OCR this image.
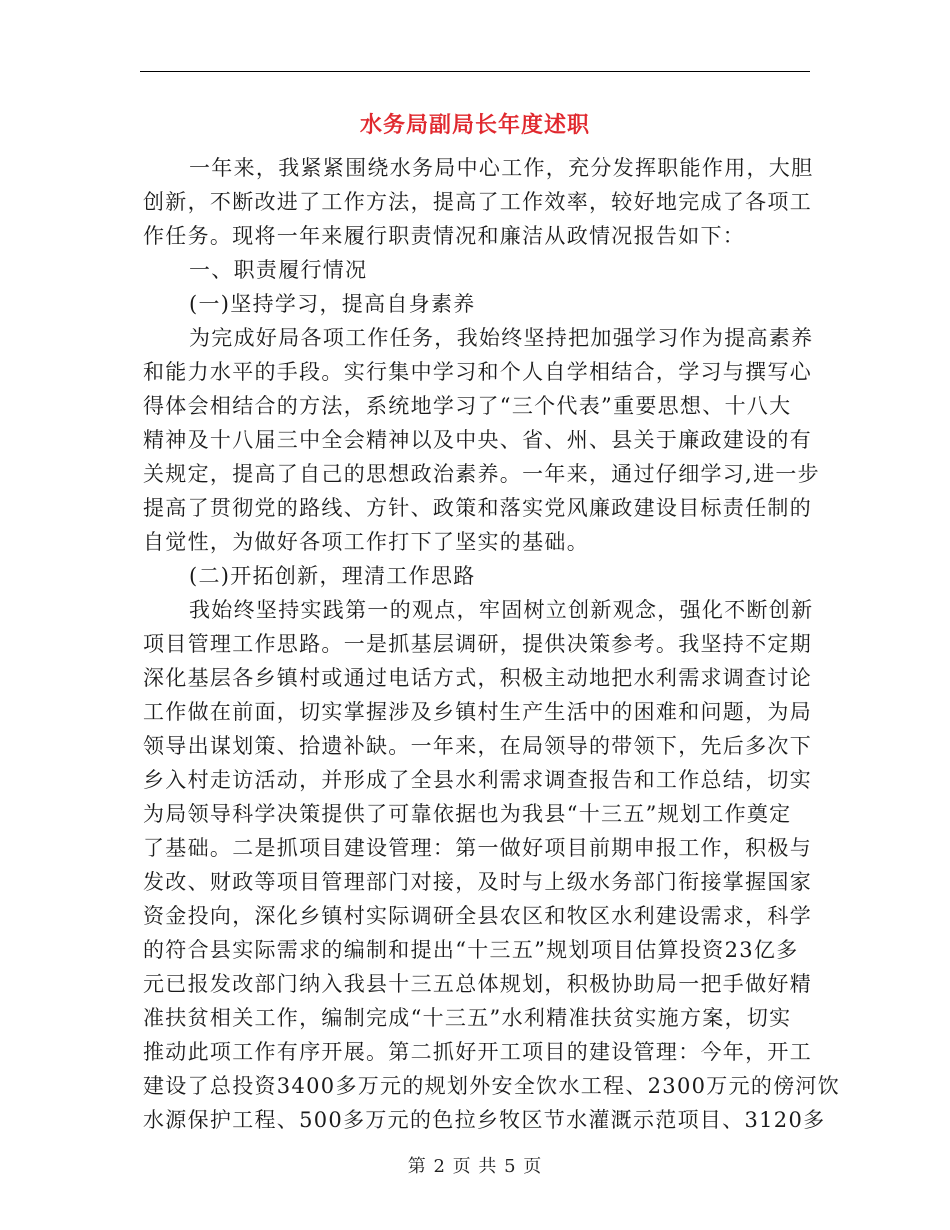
水务局副局长年度述职
一年来，我紧紧围绕水务局中心工作，充分发挥职能作用，大胆
创新，不断改进了工作方法，提高了工作效率，较好地完成了各项工
作任务。现将一年来履行职责情况和廉洁从政情况报告如下：
一、职责履行情况
(一)坚持学习，提高自身素养
为完成好局各项工作任务，我始终坚持把加强学习作为提高素养
和能力水平的手段。实行集中学习和个人自学相结合，学习与撰写心
得体会相结合的方法，系统地学习了“三个代表”重要思想、十八大
精神及十八届三中全会精神以及中央、省、州、县关于廉政建设的有
关规定，提高了自己的思想政治素养。一年来，通过仔细学习,进一步
提高了贯彻党的路线、方针、政策和落实党风廉政建设目标责任制的
自觉性，为做好各项工作打下了坚实的基础。
(二)开拓创新，理清工作思路
我始终坚持实践第一的观点，牢固树立创新观念，强化不断创新
项目管理工作思路。一是抓基层调研，提供决策参考。我坚持不定期
深化基层各乡镇村或通过电话方式，积极主动地把水利需求调查讨论
工作做在前面，切实掌握涉及乡镇村生产生活中的困难和问题，为局
领导出谋划策、拾遗补缺。一年来，在局领导的带领下，先后多次下
乡入村走访活动，并形成了全县水利需求调查报告和工作总结，切实
为局领导科学决策提供了可靠依据也为我县“十三五”规划工作奠定
了基础。二是抓项目建设管理：第一做好项目前期申报工作，积极与
发改、财政等项目管理部门对接，及时与上级水务部门衔接掌握国家
资金投向，深化乡镇村实际调研全县农区和牧区水利建设需求，科学
的符合县实际需求的编制和提出“十三五”规划项目估算投资23亿多
元已报发改部门纳入我县十三五总体规划，积极协助局一把手做好精
准扶贫相关工作，编制完成“十三五”水利精准扶贫实施方案，切实
推动此项工作有序开展。第二抓好开工项目的建设管理：今年，开工
建设了总投资3400多万元的规划外安全饮水工程、2300万元的傍河饮
水源保护工程、500多万元的色拉乡牧区节水灌溉示范项目、3120多
第 2 页 共 5 页
